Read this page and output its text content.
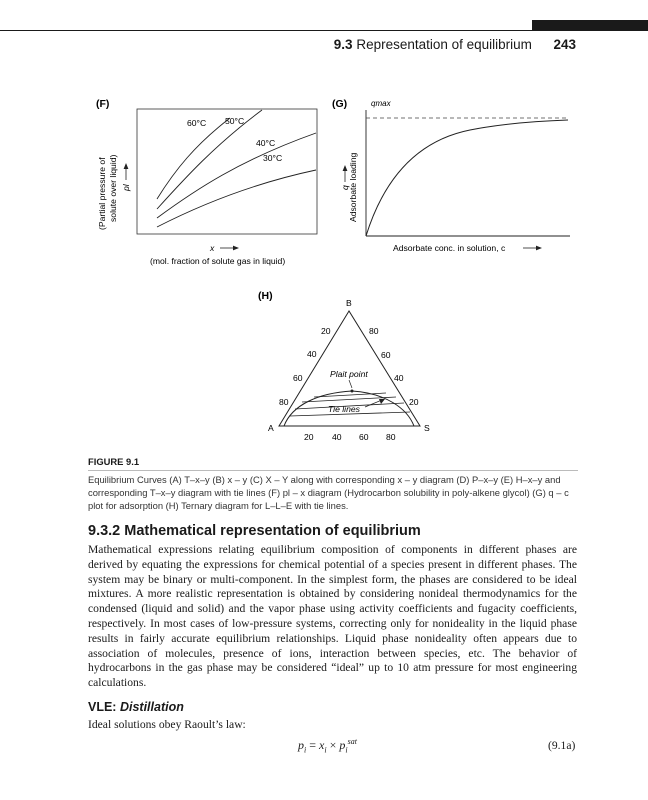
9.3 Representation of equilibrium 243
(F)
60°C 50°C
40°C
30°C
(Partial pressure of solute over liquid) pl
x
(mol. fraction of solute gas in liquid)
(G)	qmax
Adsorbate loading
q
Adsorbate conc. in solution, c
(H)
B
A	S
20
40
60
80
80
60
40
20
20 40 60 80
Plait point
Tie lines
FIGURE 9.1
Equilibrium Curves (A) T–x–y (B) x – y (C) X – Y along with corresponding x – y diagram (D) P–x–y (E) H–x–y and corresponding T–x–y diagram with tie lines (F) pl – x diagram (Hydrocarbon solubility in poly-alkene glycol) (G) q – c plot for adsorption (H) Ternary diagram for L–L–E with tie lines.
9.3.2 Mathematical representation of equilibrium
Mathematical expressions relating equilibrium composition of components in different phases are derived by equating the expressions for chemical potential of a species present in different phases. The system may be binary or multi-component. In the simplest form, the phases are considered to be ideal mixtures. A more realistic representation is obtained by considering nonideal thermodynamics for the condensed (liquid and solid) and the vapor phase using activity coefficients and fugacity coefficients, respectively. In most cases of low-pressure systems, correcting only for nonideality in the liquid phase results in fairly accurate equilibrium relationships. Liquid phase nonideality often appears due to association of molecules, presence of ions, interaction between species, etc. The behavior of hydrocarbons in the gas phase may be considered “ideal” up to 10 atm pressure for most engineering calculations.
VLE: Distillation
Ideal solutions obey Raoult’s law:
$p_i = x_i \times p_i^{sat}$	(9.1a)
